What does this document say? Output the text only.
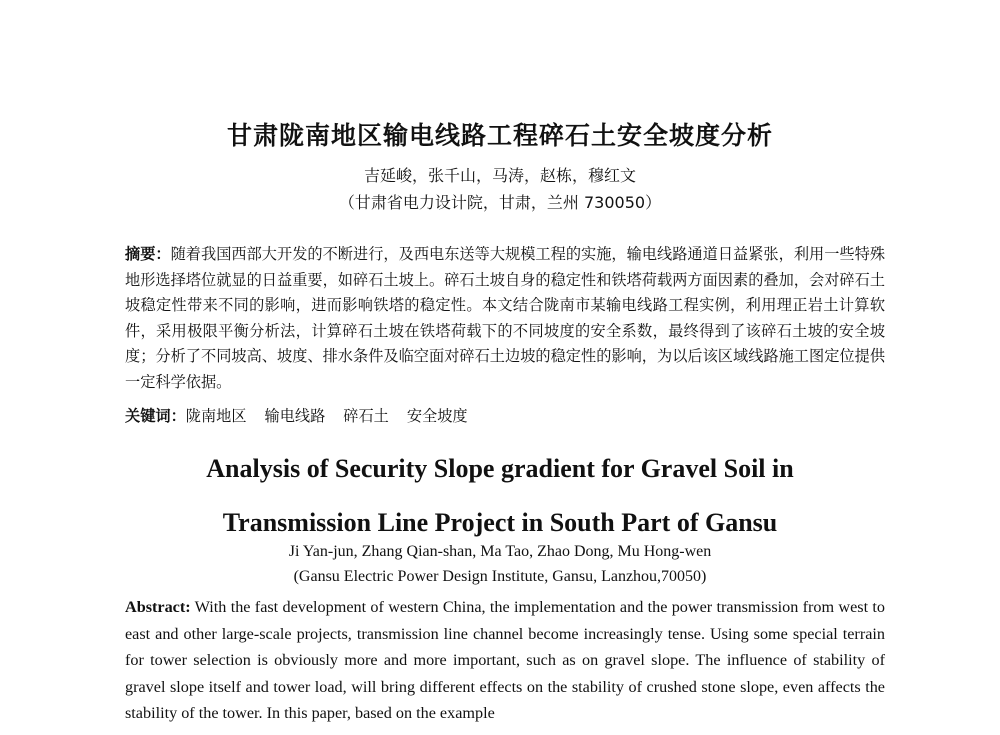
甘肃陇南地区输电线路工程碎石土安全坡度分析

吉延峻，张千山，马涛，赵栋，穆红文

（甘肃省电力设计院，甘肃，兰州 730050）

摘要：随着我国西部大开发的不断进行，及西电东送等大规模工程的实施，输电线路通道日益紧张，利用一些特殊地形选择塔位就显的日益重要，如碎石土坡上。碎石土坡自身的稳定性和铁塔荷载两方面因素的叠加，会对碎石土坡稳定性带来不同的影响，进而影响铁塔的稳定性。本文结合陇南市某输电线路工程实例，利用理正岩土计算软件，采用极限平衡分析法，计算碎石土坡在铁塔荷载下的不同坡度的安全系数，最终得到了该碎石土坡的安全坡度；分析了不同坡高、坡度、排水条件及临空面对碎石土边坡的稳定性的影响，为以后该区域线路施工图定位提供一定科学依据。

关键词：陇南地区 输电线路 碎石土 安全坡度

Analysis of Security Slope gradient for Gravel Soil in
Transmission Line Project in South Part of Gansu

Ji Yan-jun, Zhang Qian-shan, Ma Tao, Zhao Dong, Mu Hong-wen

(Gansu Electric Power Design Institute, Gansu, Lanzhou,70050)

Abstract: With the fast development of western China, the implementation and the power transmission from west to east and other large-scale projects, transmission line channel become increasingly tense. Using some special terrain for tower selection is obviously more and more important, such as on gravel slope. The influence of stability of gravel slope itself and tower load, will bring different effects on the stability of crushed stone slope, even affects the stability of the tower. In this paper, based on the example
